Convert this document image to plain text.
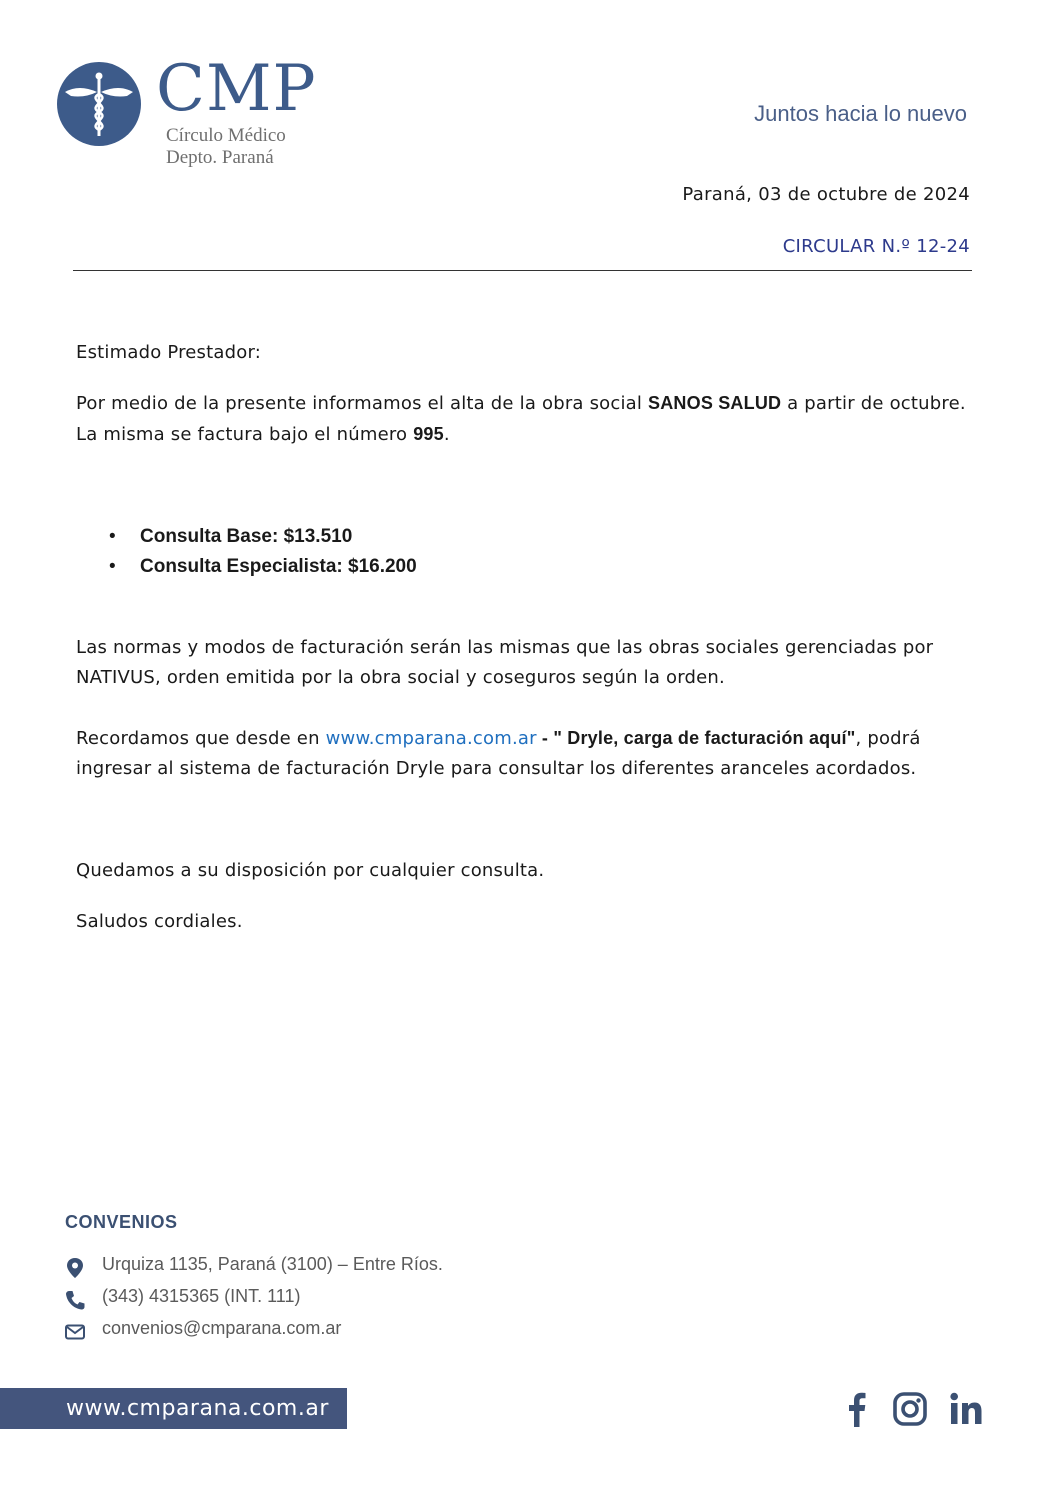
CMP
Círculo Médico
Depto. Paraná
Juntos hacia lo nuevo
Paraná, 03 de octubre de 2024
CIRCULAR N.º 12-24
Estimado Prestador:
Por medio de la presente informamos el alta de la obra social SANOS SALUD a partir de octubre. La misma se factura bajo el número 995.
• Consulta Base: $13.510
• Consulta Especialista: $16.200
Las normas y modos de facturación serán las mismas que las obras sociales gerenciadas por NATIVUS, orden emitida por la obra social y coseguros según la orden.
Recordamos que desde en www.cmparana.com.ar - " Dryle, carga de facturación aquí", podrá ingresar al sistema de facturación Dryle para consultar los diferentes aranceles acordados.
Quedamos a su disposición por cualquier consulta.
Saludos cordiales.
CONVENIOS
Urquiza 1135, Paraná (3100) – Entre Ríos.
(343) 4315365 (INT. 111)
convenios@cmparana.com.ar
www.cmparana.com.ar
